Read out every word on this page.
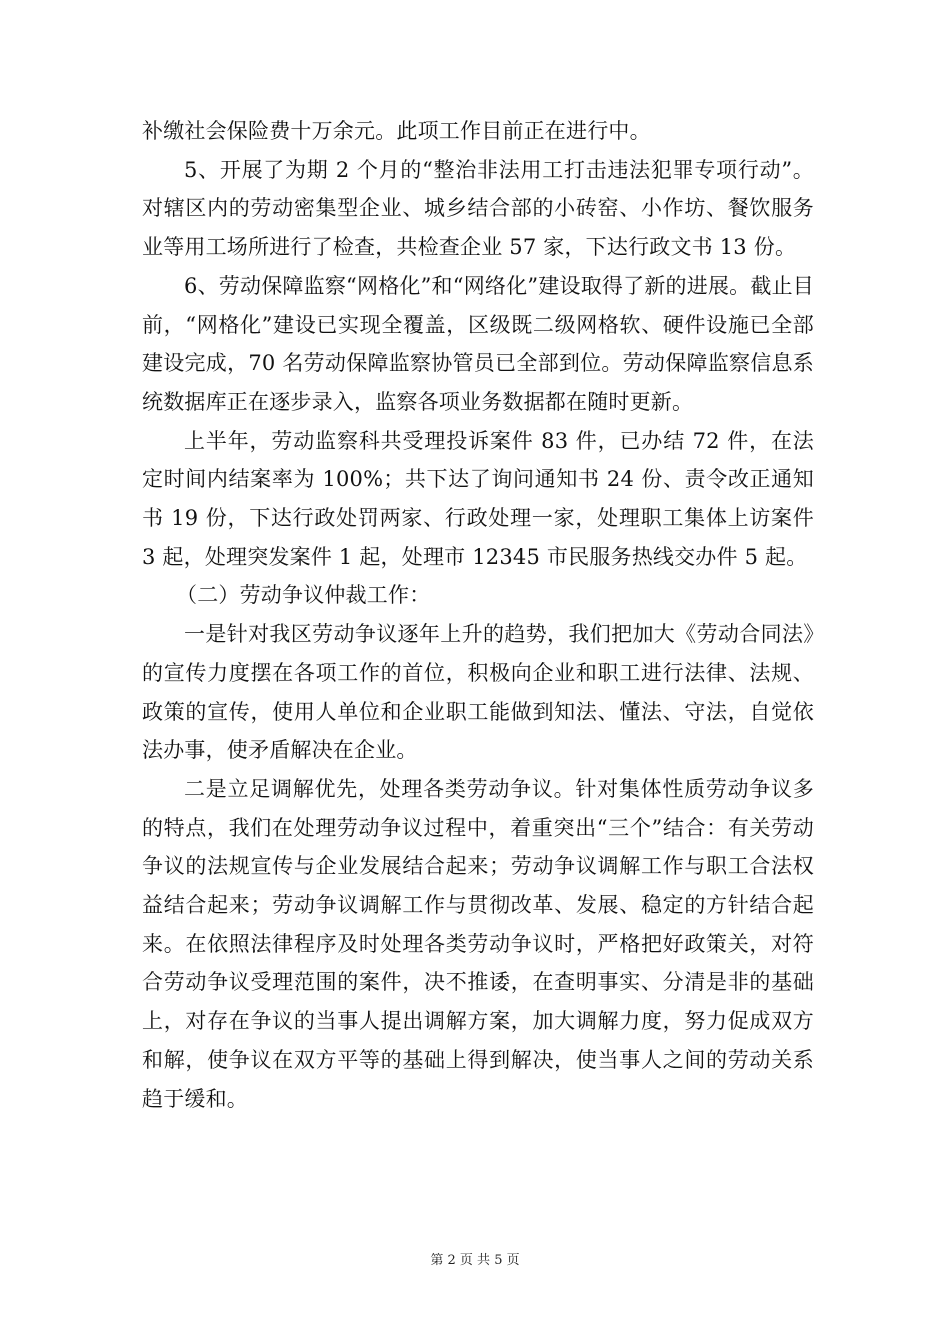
补缴社会保险费十万余元。此项工作目前正在进行中。

5、开展了为期 2 个月的“整治非法用工打击违法犯罪专项行动”。对辖区内的劳动密集型企业、城乡结合部的小砖窑、小作坊、餐饮服务业等用工场所进行了检查，共检查企业 57 家，下达行政文书 13 份。

6、劳动保障监察“网格化”和“网络化”建设取得了新的进展。截止目前，“网格化”建设已实现全覆盖，区级既二级网格软、硬件设施已全部建设完成，70 名劳动保障监察协管员已全部到位。劳动保障监察信息系统数据库正在逐步录入，监察各项业务数据都在随时更新。

上半年，劳动监察科共受理投诉案件 83 件，已办结 72 件，在法定时间内结案率为 100%；共下达了询问通知书 24 份、责令改正通知书 19 份，下达行政处罚两家、行政处理一家，处理职工集体上访案件 3 起，处理突发案件 1 起，处理市 12345 市民服务热线交办件 5 起。

（二）劳动争议仲裁工作：

一是针对我区劳动争议逐年上升的趋势，我们把加大《劳动合同法》的宣传力度摆在各项工作的首位，积极向企业和职工进行法律、法规、政策的宣传，使用人单位和企业职工能做到知法、懂法、守法，自觉依法办事，使矛盾解决在企业。

二是立足调解优先，处理各类劳动争议。针对集体性质劳动争议多的特点，我们在处理劳动争议过程中，着重突出“三个”结合：有关劳动争议的法规宣传与企业发展结合起来；劳动争议调解工作与职工合法权益结合起来；劳动争议调解工作与贯彻改革、发展、稳定的方针结合起来。在依照法律程序及时处理各类劳动争议时，严格把好政策关，对符合劳动争议受理范围的案件，决不推诿，在查明事实、分清是非的基础上，对存在争议的当事人提出调解方案，加大调解力度，努力促成双方和解，使争议在双方平等的基础上得到解决，使当事人之间的劳动关系趋于缓和。

第 2 页 共 5 页
